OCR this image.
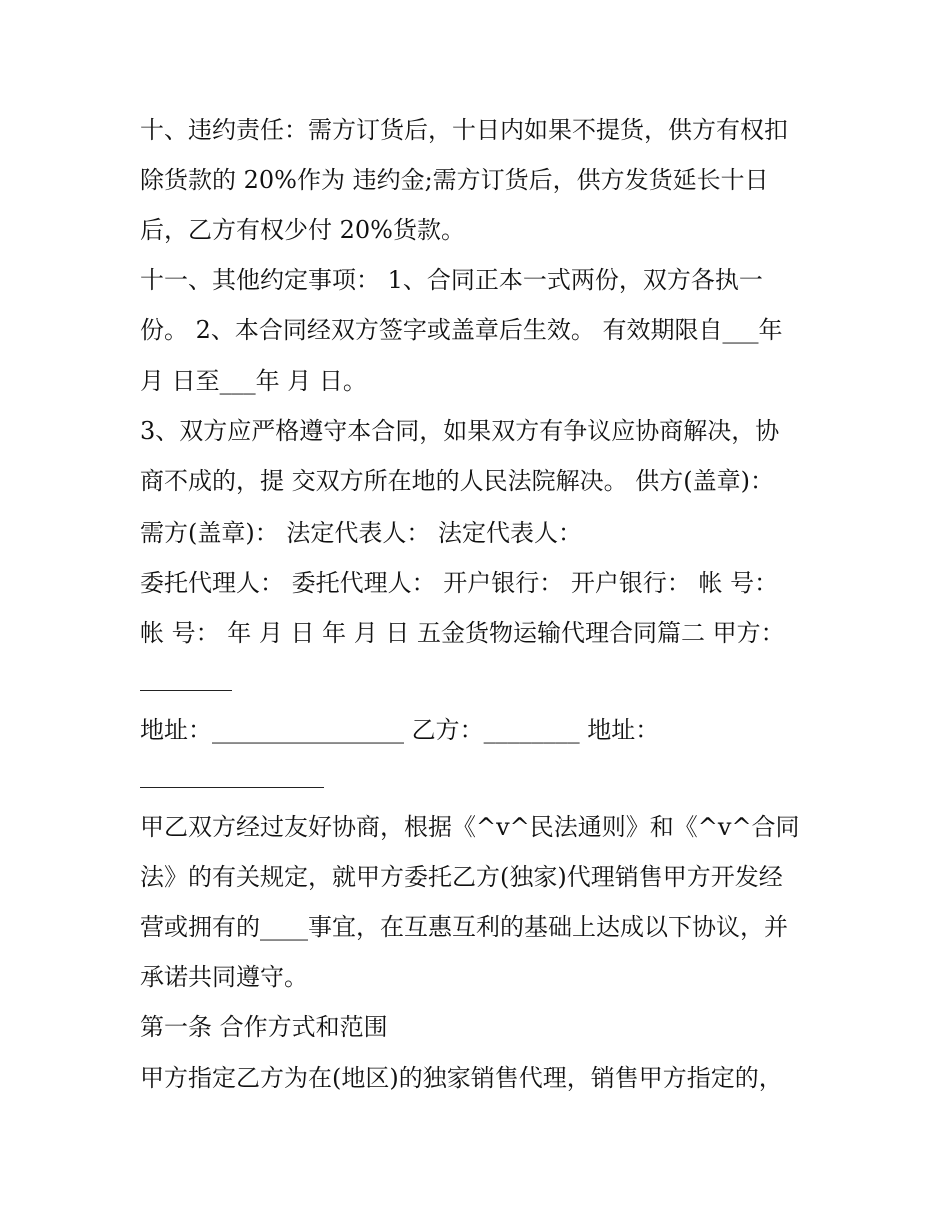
十、违约责任：需方订货后，十日内如果不提货，供方有权扣

除货款的 20%作为 违约金;需方订货后，供方发货延长十日

后，乙方有权少付 20%货款。

十一、其他约定事项： 1、合同正本一式两份，双方各执一

份。 2、本合同经双方签字或盖章后生效。 有效期限自___年

月 日至___年 月 日。

3、双方应严格遵守本合同，如果双方有争议应协商解决，协

商不成的，提 交双方所在地的人民法院解决。 供方(盖章)：

需方(盖章)： 法定代表人： 法定代表人：

委托代理人： 委托代理人： 开户银行： 开户银行： 帐 号：

帐 号： 年 月 日 年 月 日 五金货物运输代理合同篇二 甲方：

地址：________________ 乙方：________ 地址：

甲乙双方经过友好协商，根据《^v^民法通则》和《^v^合同

法》的有关规定，就甲方委托乙方(独家)代理销售甲方开发经

营或拥有的____事宜，在互惠互利的基础上达成以下协议，并

承诺共同遵守。

第一条 合作方式和范围

甲方指定乙方为在(地区)的独家销售代理，销售甲方指定的，
